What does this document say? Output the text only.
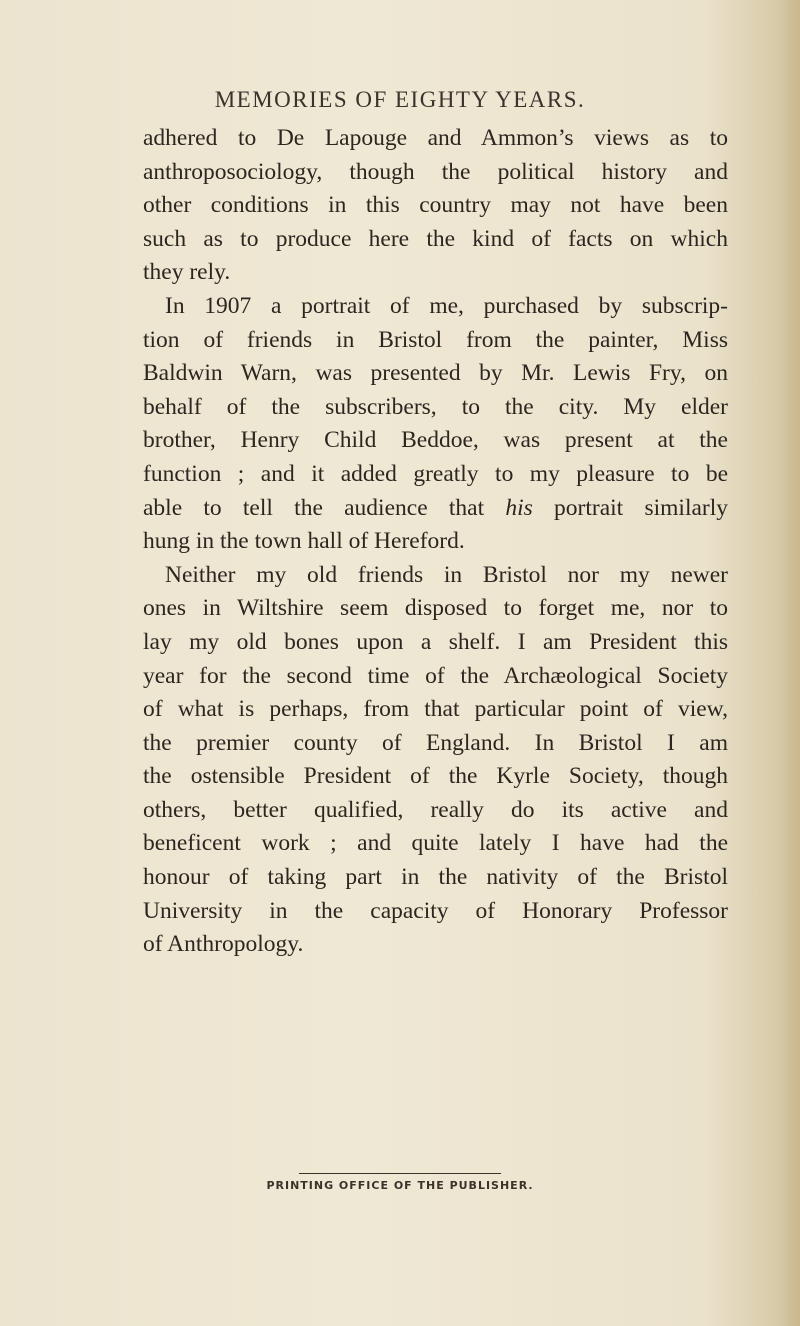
MEMORIES OF EIGHTY YEARS.
adhered to De Lapouge and Ammon’s views as to
anthroposociology, though the political history and
other conditions in this country may not have been
such as to produce here the kind of facts on which
they rely.
In 1907 a portrait of me, purchased by subscrip-
tion of friends in Bristol from the painter, Miss
Baldwin Warn, was presented by Mr. Lewis Fry, on
behalf of the subscribers, to the city. My elder
brother, Henry Child Beddoe, was present at the
function ; and it added greatly to my pleasure to be
able to tell the audience that his portrait similarly
hung in the town hall of Hereford.
Neither my old friends in Bristol nor my newer
ones in Wiltshire seem disposed to forget me, nor to
lay my old bones upon a shelf. I am President this
year for the second time of the Archæological Society
of what is perhaps, from that particular point of view,
the premier county of England. In Bristol I am
the ostensible President of the Kyrle Society, though
others, better qualified, really do its active and
beneficent work ; and quite lately I have had the
honour of taking part in the nativity of the Bristol
University in the capacity of Honorary Professor
of Anthropology.
PRINTING OFFICE OF THE PUBLISHER.
